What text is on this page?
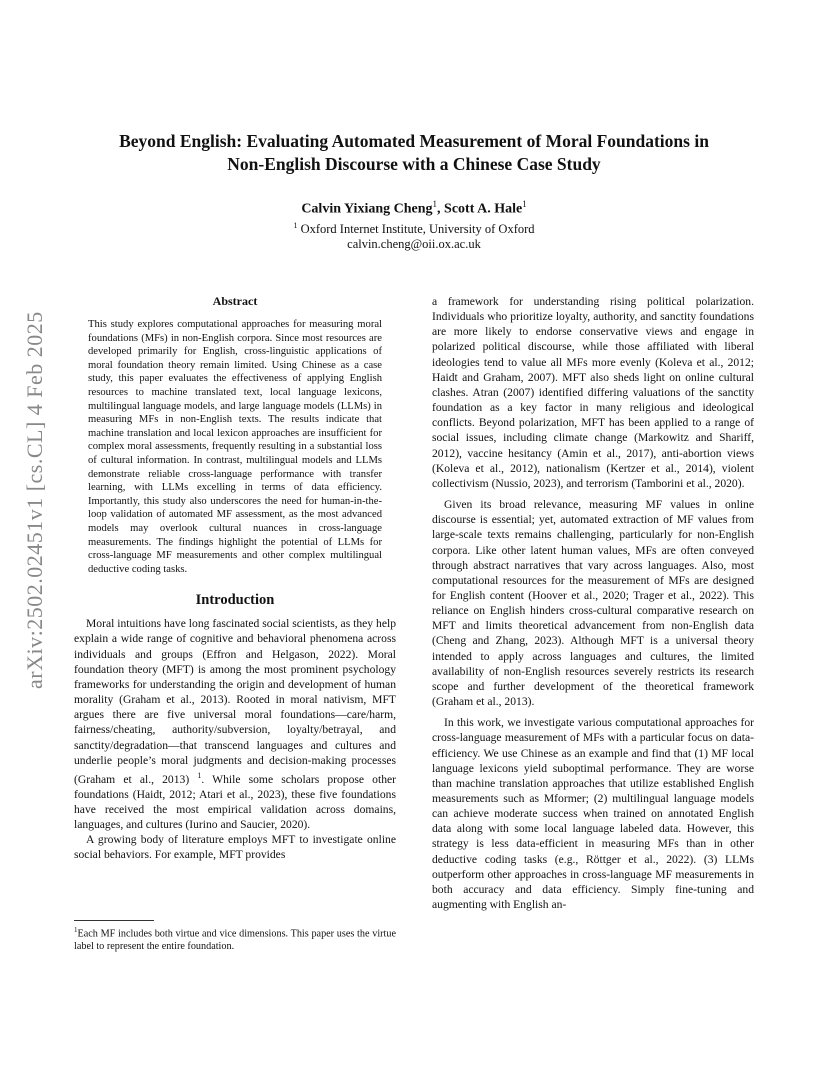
arXiv:2502.02451v1 [cs.CL] 4 Feb 2025
Beyond English: Evaluating Automated Measurement of Moral Foundations in
Non-English Discourse with a Chinese Case Study
Calvin Yixiang Cheng$^1$, Scott A. Hale$^1$
$^1$ Oxford Internet Institute, University of Oxford
calvin.cheng@oii.ox.ac.uk
Abstract

This study explores computational approaches for measuring moral foundations (MFs) in non-English corpora. Since most resources are developed primarily for English, cross-linguistic applications of moral foundation theory remain limited. Using Chinese as a case study, this paper evaluates the effectiveness of applying English resources to machine translated text, local language lexicons, multilingual language models, and large language models (LLMs) in measuring MFs in non-English texts. The results indicate that machine translation and local lexicon approaches are insufficient for complex moral assessments, frequently resulting in a substantial loss of cultural information. In contrast, multilingual models and LLMs demonstrate reliable cross-language performance with transfer learning, with LLMs excelling in terms of data efficiency. Importantly, this study also underscores the need for human-in-the-loop validation of automated MF assessment, as the most advanced models may overlook cultural nuances in cross-language measurements. The findings highlight the potential of LLMs for cross-language MF measurements and other complex multilingual deductive coding tasks.

Introduction

Moral intuitions have long fascinated social scientists, as they help explain a wide range of cognitive and behavioral phenomena across individuals and groups (Effron and Helgason, 2022). Moral foundation theory (MFT) is among the most prominent psychology frameworks for understanding the origin and development of human morality (Graham et al., 2013). Rooted in moral nativism, MFT argues there are five universal moral foundations—care/harm, fairness/cheating, authority/subversion, loyalty/betrayal, and sanctity/degradation—that transcend languages and cultures and underlie people’s moral judgments and decision-making processes (Graham et al., 2013) $^1$. While some scholars propose other foundations (Haidt, 2012; Atari et al., 2023), these five foundations have received the most empirical validation across domains, languages, and cultures (Iurino and Saucier, 2020).

A growing body of literature employs MFT to investigate online social behaviors. For example, MFT provides

a framework for understanding rising political polarization. Individuals who prioritize loyalty, authority, and sanctity foundations are more likely to endorse conservative views and engage in polarized political discourse, while those affiliated with liberal ideologies tend to value all MFs more evenly (Koleva et al., 2012; Haidt and Graham, 2007). MFT also sheds light on online cultural clashes. Atran (2007) identified differing valuations of the sanctity foundation as a key factor in many religious and ideological conflicts. Beyond polarization, MFT has been applied to a range of social issues, including climate change (Markowitz and Shariff, 2012), vaccine hesitancy (Amin et al., 2017), anti-abortion views (Koleva et al., 2012), nationalism (Kertzer et al., 2014), violent collectivism (Nussio, 2023), and terrorism (Tamborini et al., 2020).

Given its broad relevance, measuring MF values in online discourse is essential; yet, automated extraction of MF values from large-scale texts remains challenging, particularly for non-English corpora. Like other latent human values, MFs are often conveyed through abstract narratives that vary across languages. Also, most computational resources for the measurement of MFs are designed for English content (Hoover et al., 2020; Trager et al., 2022). This reliance on English hinders cross-cultural comparative research on MFT and limits theoretical advancement from non-English data (Cheng and Zhang, 2023). Although MFT is a universal theory intended to apply across languages and cultures, the limited availability of non-English resources severely restricts its research scope and further development of the theoretical framework (Graham et al., 2013).

In this work, we investigate various computational approaches for cross-language measurement of MFs with a particular focus on data-efficiency. We use Chinese as an example and find that (1) MF local language lexicons yield suboptimal performance. They are worse than machine translation approaches that utilize established English measurements such as Mformer; (2) multilingual language models can achieve moderate success when trained on annotated English data along with some local language labeled data. However, this strategy is less data-efficient in measuring MFs than in other deductive coding tasks (e.g., Röttger et al., 2022). (3) LLMs outperform other approaches in cross-language MF measurements in both accuracy and data efficiency. Simply fine-tuning and augmenting with English an-

$^1$Each MF includes both virtue and vice dimensions. This paper uses the virtue label to represent the entire foundation.
